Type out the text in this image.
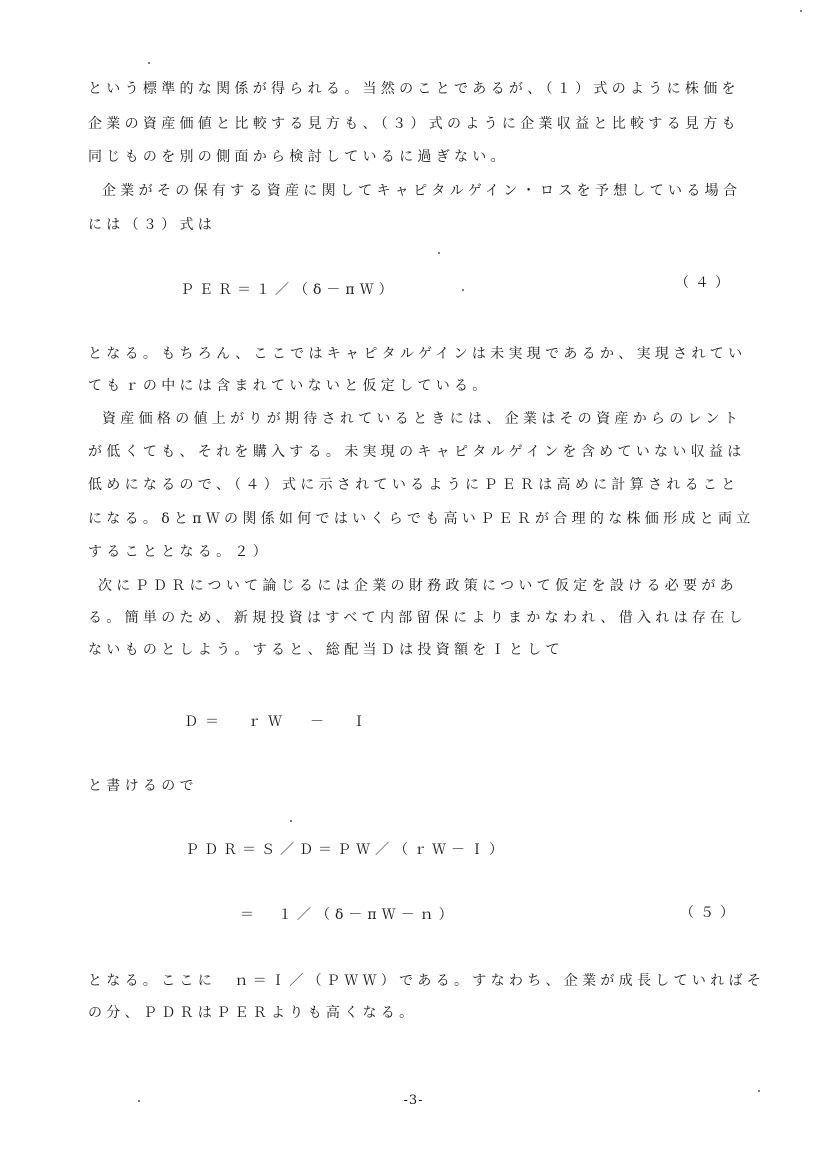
という標準的な関係が得られる。当然のことであるが、（１）式のように株価を
企業の資産価値と比較する見方も、（３）式のように企業収益と比較する見方も
同じものを別の側面から検討しているに過ぎない。
企業がその保有する資産に関してキャピタルゲイン・ロスを予想している場合
には（３）式は
ＰＥＲ＝１／（δ－πＷ）	（４）
となる。もちろん、ここではキャピタルゲインは未実現であるか、実現されてい
てもｒの中には含まれていないと仮定している。
資産価格の値上がりが期待されているときには、企業はその資産からのレント
が低くても、それを購入する。未実現のキャピタルゲインを含めていない収益は
低めになるので、（４）式に示されているようにＰＥＲは高めに計算されること
になる。δとπＷの関係如何ではいくらでも高いＰＥＲが合理的な株価形成と両立
することとなる。２）
次にＰＤＲについて論じるには企業の財務政策について仮定を設ける必要があ
る。簡単のため、新規投資はすべて内部留保によりまかなわれ、借入れは存在し
ないものとしよう。すると、総配当Ｄは投資額をＩとして
Ｄ＝　ｒＷ　－　Ｉ
と書けるので
ＰＤＲ＝Ｓ／Ｄ＝ＰＷ／（ｒＷ－Ｉ）
＝　１／（δ－πＷ－ｎ）	（５）
となる。ここに　ｎ＝Ｉ／（ＰＷＷ）である。すなわち、企業が成長していればそ
の分、ＰＤＲはＰＥＲよりも高くなる。
-3-
